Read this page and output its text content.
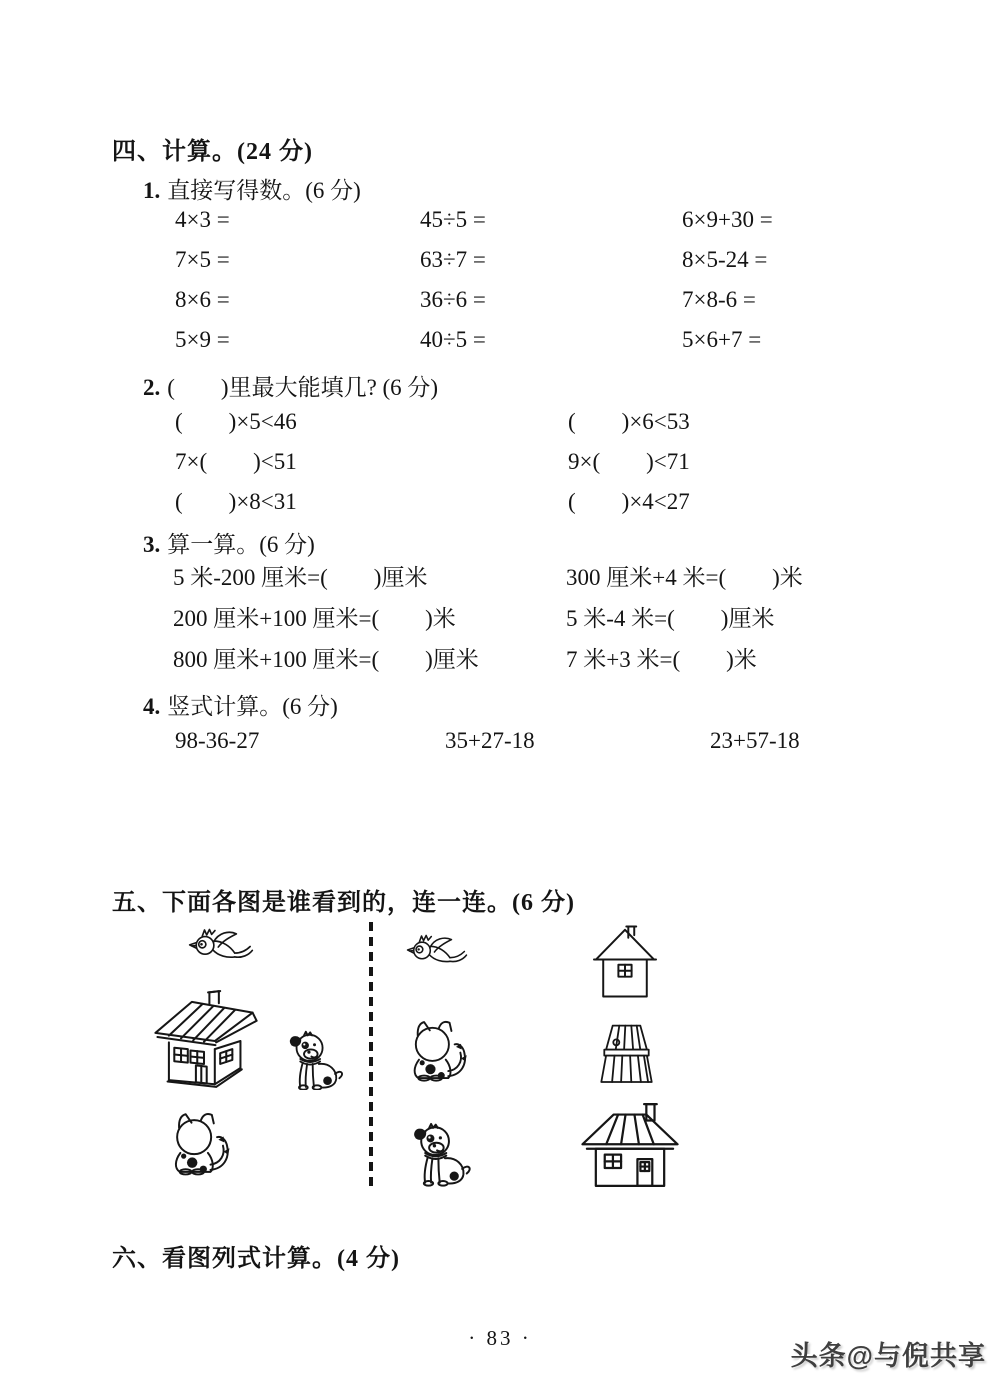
四、计算。(24 分)
1. 直接写得数。(6 分)
4×3 =	45÷5 =	6×9+30 =
7×5 =	63÷7 =	8×5-24 =
8×6 =	36÷6 =	7×8-6 =
5×9 =	40÷5 =	5×6+7 =
2. (　　)里最大能填几? (6 分)
(　　)×5<46	(　　)×6<53
7×(　　)<51	9×(　　)<71
(　　)×8<31	(　　)×4<27
3. 算一算。(6 分)
5 米-200 厘米=(　　)厘米	300 厘米+4 米=(　　)米
200 厘米+100 厘米=(　　)米	5 米-4 米=(　　)厘米
800 厘米+100 厘米=(　　)厘米	7 米+3 米=(　　)米
4. 竖式计算。(6 分)
98-36-27	35+27-18	23+57-18
五、下面各图是谁看到的，连一连。(6 分)
六、看图列式计算。(4 分)
· 83 ·
头条@与倪共享
